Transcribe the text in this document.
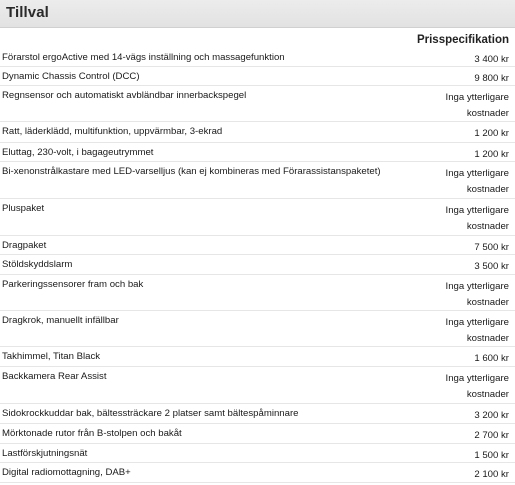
Tillval
Prisspecifikation
Förarstol ergoActive med 14-vägs inställning och massagefunktion	3 400 kr
Dynamic Chassis Control (DCC)	9 800 kr
Regnsensor och automatiskt avbländbar innerbackspegel	Inga ytterligare kostnader
Ratt, läderklädd, multifunktion, uppvärmbar, 3-ekrad	1 200 kr
Eluttag, 230-volt, i bagageutrymmet	1 200 kr
Bi-xenonstrålkastare med LED-varselljus (kan ej kombineras med Förarassistanspaketet)	Inga ytterligare kostnader
Pluspaket	Inga ytterligare kostnader
Dragpaket	7 500 kr
Stöldskyddslarm	3 500 kr
Parkeringssensorer fram och bak	Inga ytterligare kostnader
Dragkrok, manuellt infällbar	Inga ytterligare kostnader
Takhimmel, Titan Black	1 600 kr
Backkamera Rear Assist	Inga ytterligare kostnader
Sidokrockkuddar bak, bältessträckare 2 platser samt bältespåminnare	3 200 kr
Mörktonade rutor från B-stolpen och bakåt	2 700 kr
Lastförskjutningsnät	1 500 kr
Digital radiomottagning, DAB+	2 100 kr
